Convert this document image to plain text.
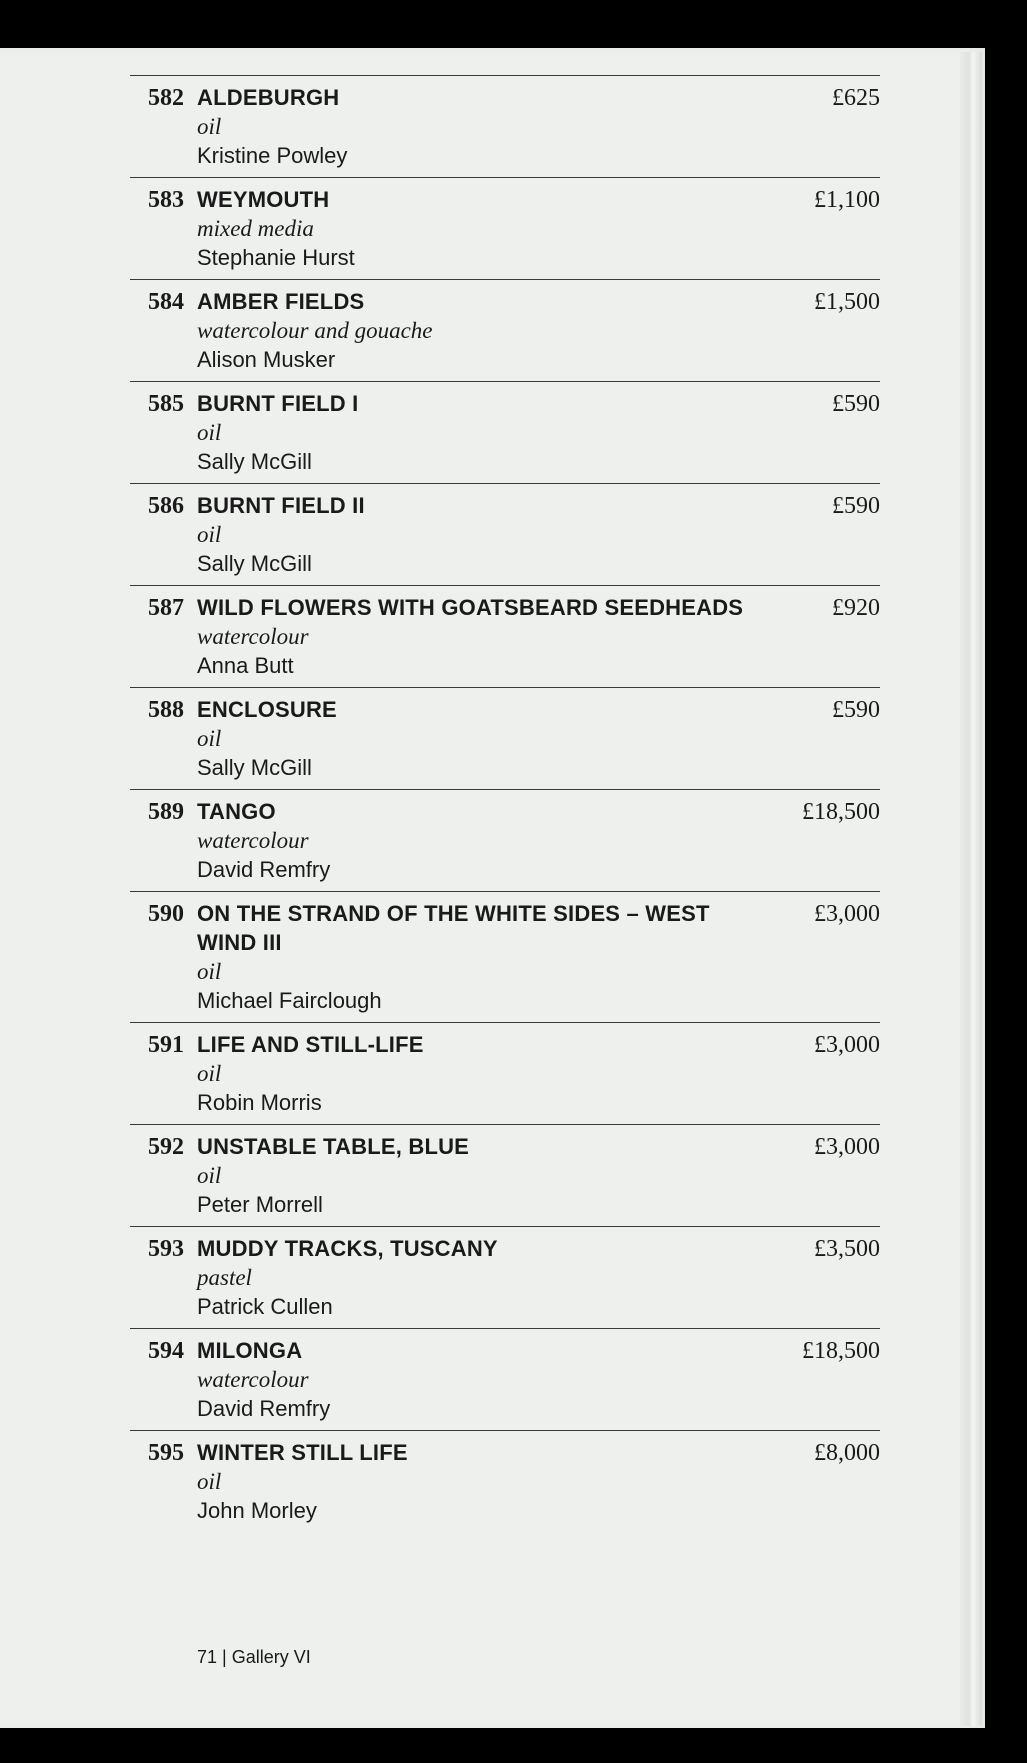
582 ALDEBURGH
oil
Kristine Powley
£625
583 WEYMOUTH
mixed media
Stephanie Hurst
£1,100
584 AMBER FIELDS
watercolour and gouache
Alison Musker
£1,500
585 BURNT FIELD I
oil
Sally McGill
£590
586 BURNT FIELD II
oil
Sally McGill
£590
587 WILD FLOWERS WITH GOATSBEARD SEEDHEADS
watercolour
Anna Butt
£920
588 ENCLOSURE
oil
Sally McGill
£590
589 TANGO
watercolour
David Remfry
£18,500
590 ON THE STRAND OF THE WHITE SIDES – WEST WIND III
oil
Michael Fairclough
£3,000
591 LIFE AND STILL-LIFE
oil
Robin Morris
£3,000
592 UNSTABLE TABLE, BLUE
oil
Peter Morrell
£3,000
593 MUDDY TRACKS, TUSCANY
pastel
Patrick Cullen
£3,500
594 MILONGA
watercolour
David Remfry
£18,500
595 WINTER STILL LIFE
oil
John Morley
£8,000
71 | Gallery VI
